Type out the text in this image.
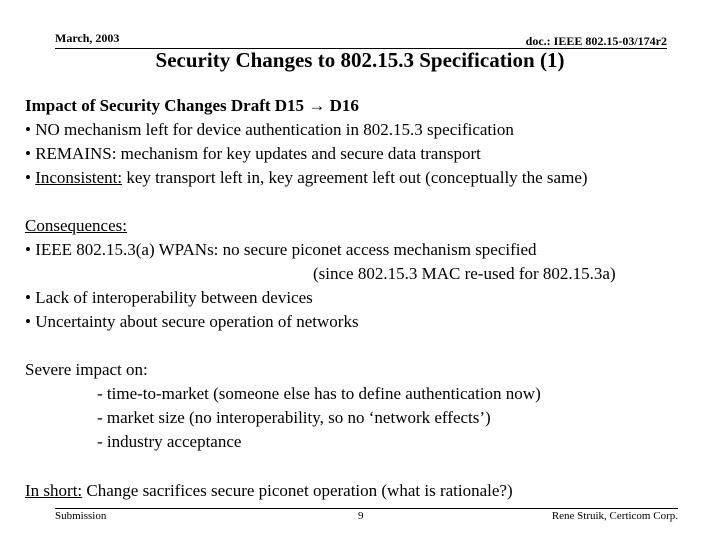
March, 2003	doc.: IEEE 802.15-03/174r2
Security Changes to 802.15.3 Specification (1)
Impact of Security Changes Draft D15 → D16
• NO mechanism left for device authentication in 802.15.3 specification
• REMAINS: mechanism for key updates and secure data transport
• Inconsistent: key transport left in, key agreement left out (conceptually the same)
Consequences:
• IEEE 802.15.3(a) WPANs: no secure piconet access mechanism specified
(since 802.15.3 MAC re-used for 802.15.3a)
• Lack of interoperability between devices
• Uncertainty about secure operation of networks
Severe impact on:
- time-to-market (someone else has to define authentication now)
- market size (no interoperability, so no ‘network effects’)
- industry acceptance
In short: Change sacrifices secure piconet operation (what is rationale?)
Submission	9	Rene Struik, Certicom Corp.
